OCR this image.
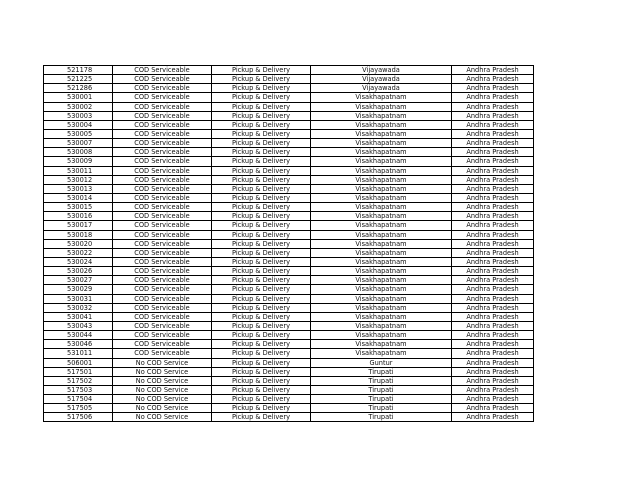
521178	COD Serviceable	Pickup & Delivery	Vijayawada	Andhra Pradesh
521225	COD Serviceable	Pickup & Delivery	Vijayawada	Andhra Pradesh
521286	COD Serviceable	Pickup & Delivery	Vijayawada	Andhra Pradesh
530001	COD Serviceable	Pickup & Delivery	Visakhapatnam	Andhra Pradesh
530002	COD Serviceable	Pickup & Delivery	Visakhapatnam	Andhra Pradesh
530003	COD Serviceable	Pickup & Delivery	Visakhapatnam	Andhra Pradesh
530004	COD Serviceable	Pickup & Delivery	Visakhapatnam	Andhra Pradesh
530005	COD Serviceable	Pickup & Delivery	Visakhapatnam	Andhra Pradesh
530007	COD Serviceable	Pickup & Delivery	Visakhapatnam	Andhra Pradesh
530008	COD Serviceable	Pickup & Delivery	Visakhapatnam	Andhra Pradesh
530009	COD Serviceable	Pickup & Delivery	Visakhapatnam	Andhra Pradesh
530011	COD Serviceable	Pickup & Delivery	Visakhapatnam	Andhra Pradesh
530012	COD Serviceable	Pickup & Delivery	Visakhapatnam	Andhra Pradesh
530013	COD Serviceable	Pickup & Delivery	Visakhapatnam	Andhra Pradesh
530014	COD Serviceable	Pickup & Delivery	Visakhapatnam	Andhra Pradesh
530015	COD Serviceable	Pickup & Delivery	Visakhapatnam	Andhra Pradesh
530016	COD Serviceable	Pickup & Delivery	Visakhapatnam	Andhra Pradesh
530017	COD Serviceable	Pickup & Delivery	Visakhapatnam	Andhra Pradesh
530018	COD Serviceable	Pickup & Delivery	Visakhapatnam	Andhra Pradesh
530020	COD Serviceable	Pickup & Delivery	Visakhapatnam	Andhra Pradesh
530022	COD Serviceable	Pickup & Delivery	Visakhapatnam	Andhra Pradesh
530024	COD Serviceable	Pickup & Delivery	Visakhapatnam	Andhra Pradesh
530026	COD Serviceable	Pickup & Delivery	Visakhapatnam	Andhra Pradesh
530027	COD Serviceable	Pickup & Delivery	Visakhapatnam	Andhra Pradesh
530029	COD Serviceable	Pickup & Delivery	Visakhapatnam	Andhra Pradesh
530031	COD Serviceable	Pickup & Delivery	Visakhapatnam	Andhra Pradesh
530032	COD Serviceable	Pickup & Delivery	Visakhapatnam	Andhra Pradesh
530041	COD Serviceable	Pickup & Delivery	Visakhapatnam	Andhra Pradesh
530043	COD Serviceable	Pickup & Delivery	Visakhapatnam	Andhra Pradesh
530044	COD Serviceable	Pickup & Delivery	Visakhapatnam	Andhra Pradesh
530046	COD Serviceable	Pickup & Delivery	Visakhapatnam	Andhra Pradesh
531011	COD Serviceable	Pickup & Delivery	Visakhapatnam	Andhra Pradesh
506001	No COD Service	Pickup & Delivery	Guntur	Andhra Pradesh
517501	No COD Service	Pickup & Delivery	Tirupati	Andhra Pradesh
517502	No COD Service	Pickup & Delivery	Tirupati	Andhra Pradesh
517503	No COD Service	Pickup & Delivery	Tirupati	Andhra Pradesh
517504	No COD Service	Pickup & Delivery	Tirupati	Andhra Pradesh
517505	No COD Service	Pickup & Delivery	Tirupati	Andhra Pradesh
517506	No COD Service	Pickup & Delivery	Tirupati	Andhra Pradesh
